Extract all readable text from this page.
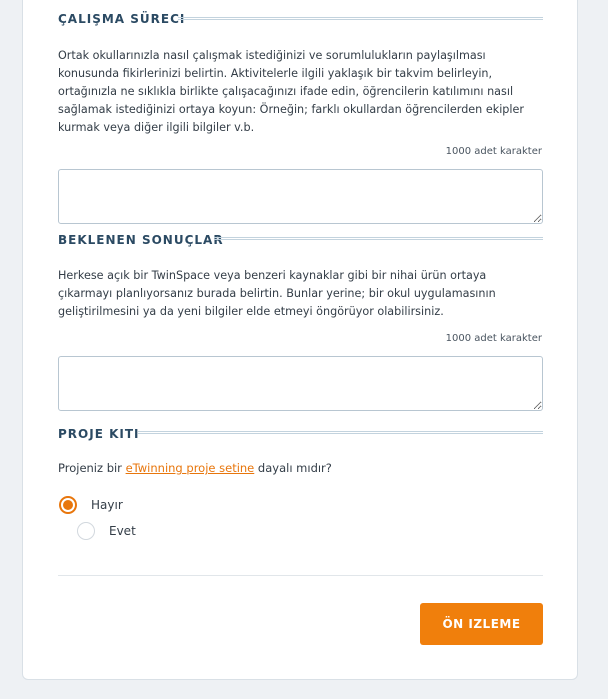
ÇALIŞMA SÜRECI

Ortak okullarınızla nasıl çalışmak istediğinizi ve sorumlulukların paylaşılması konusunda fikirlerinizi belirtin. Aktivitelerle ilgili yaklaşık bir takvim belirleyin, ortağınızla ne sıklıkla birlikte çalışacağınızı ifade edin, öğrencilerin katılımını nasıl sağlamak istediğinizi ortaya koyun: Örneğin; farklı okullardan öğrencilerden ekipler kurmak veya diğer ilgili bilgiler v.b.

1000 adet karakter
BEKLENEN SONUÇLAR

Herkese açık bir TwinSpace veya benzeri kaynaklar gibi bir nihai ürün ortaya çıkarmayı planlıyorsanız burada belirtin. Bunlar yerine; bir okul uygulamasının geliştirilmesini ya da yeni bilgiler elde etmeyi öngörüyor olabilirsiniz.

1000 adet karakter
PROJE KITI
Projeniz bir eTwinning proje setine dayalı mıdır?
Hayır
Evet
ÖN IZLEME
